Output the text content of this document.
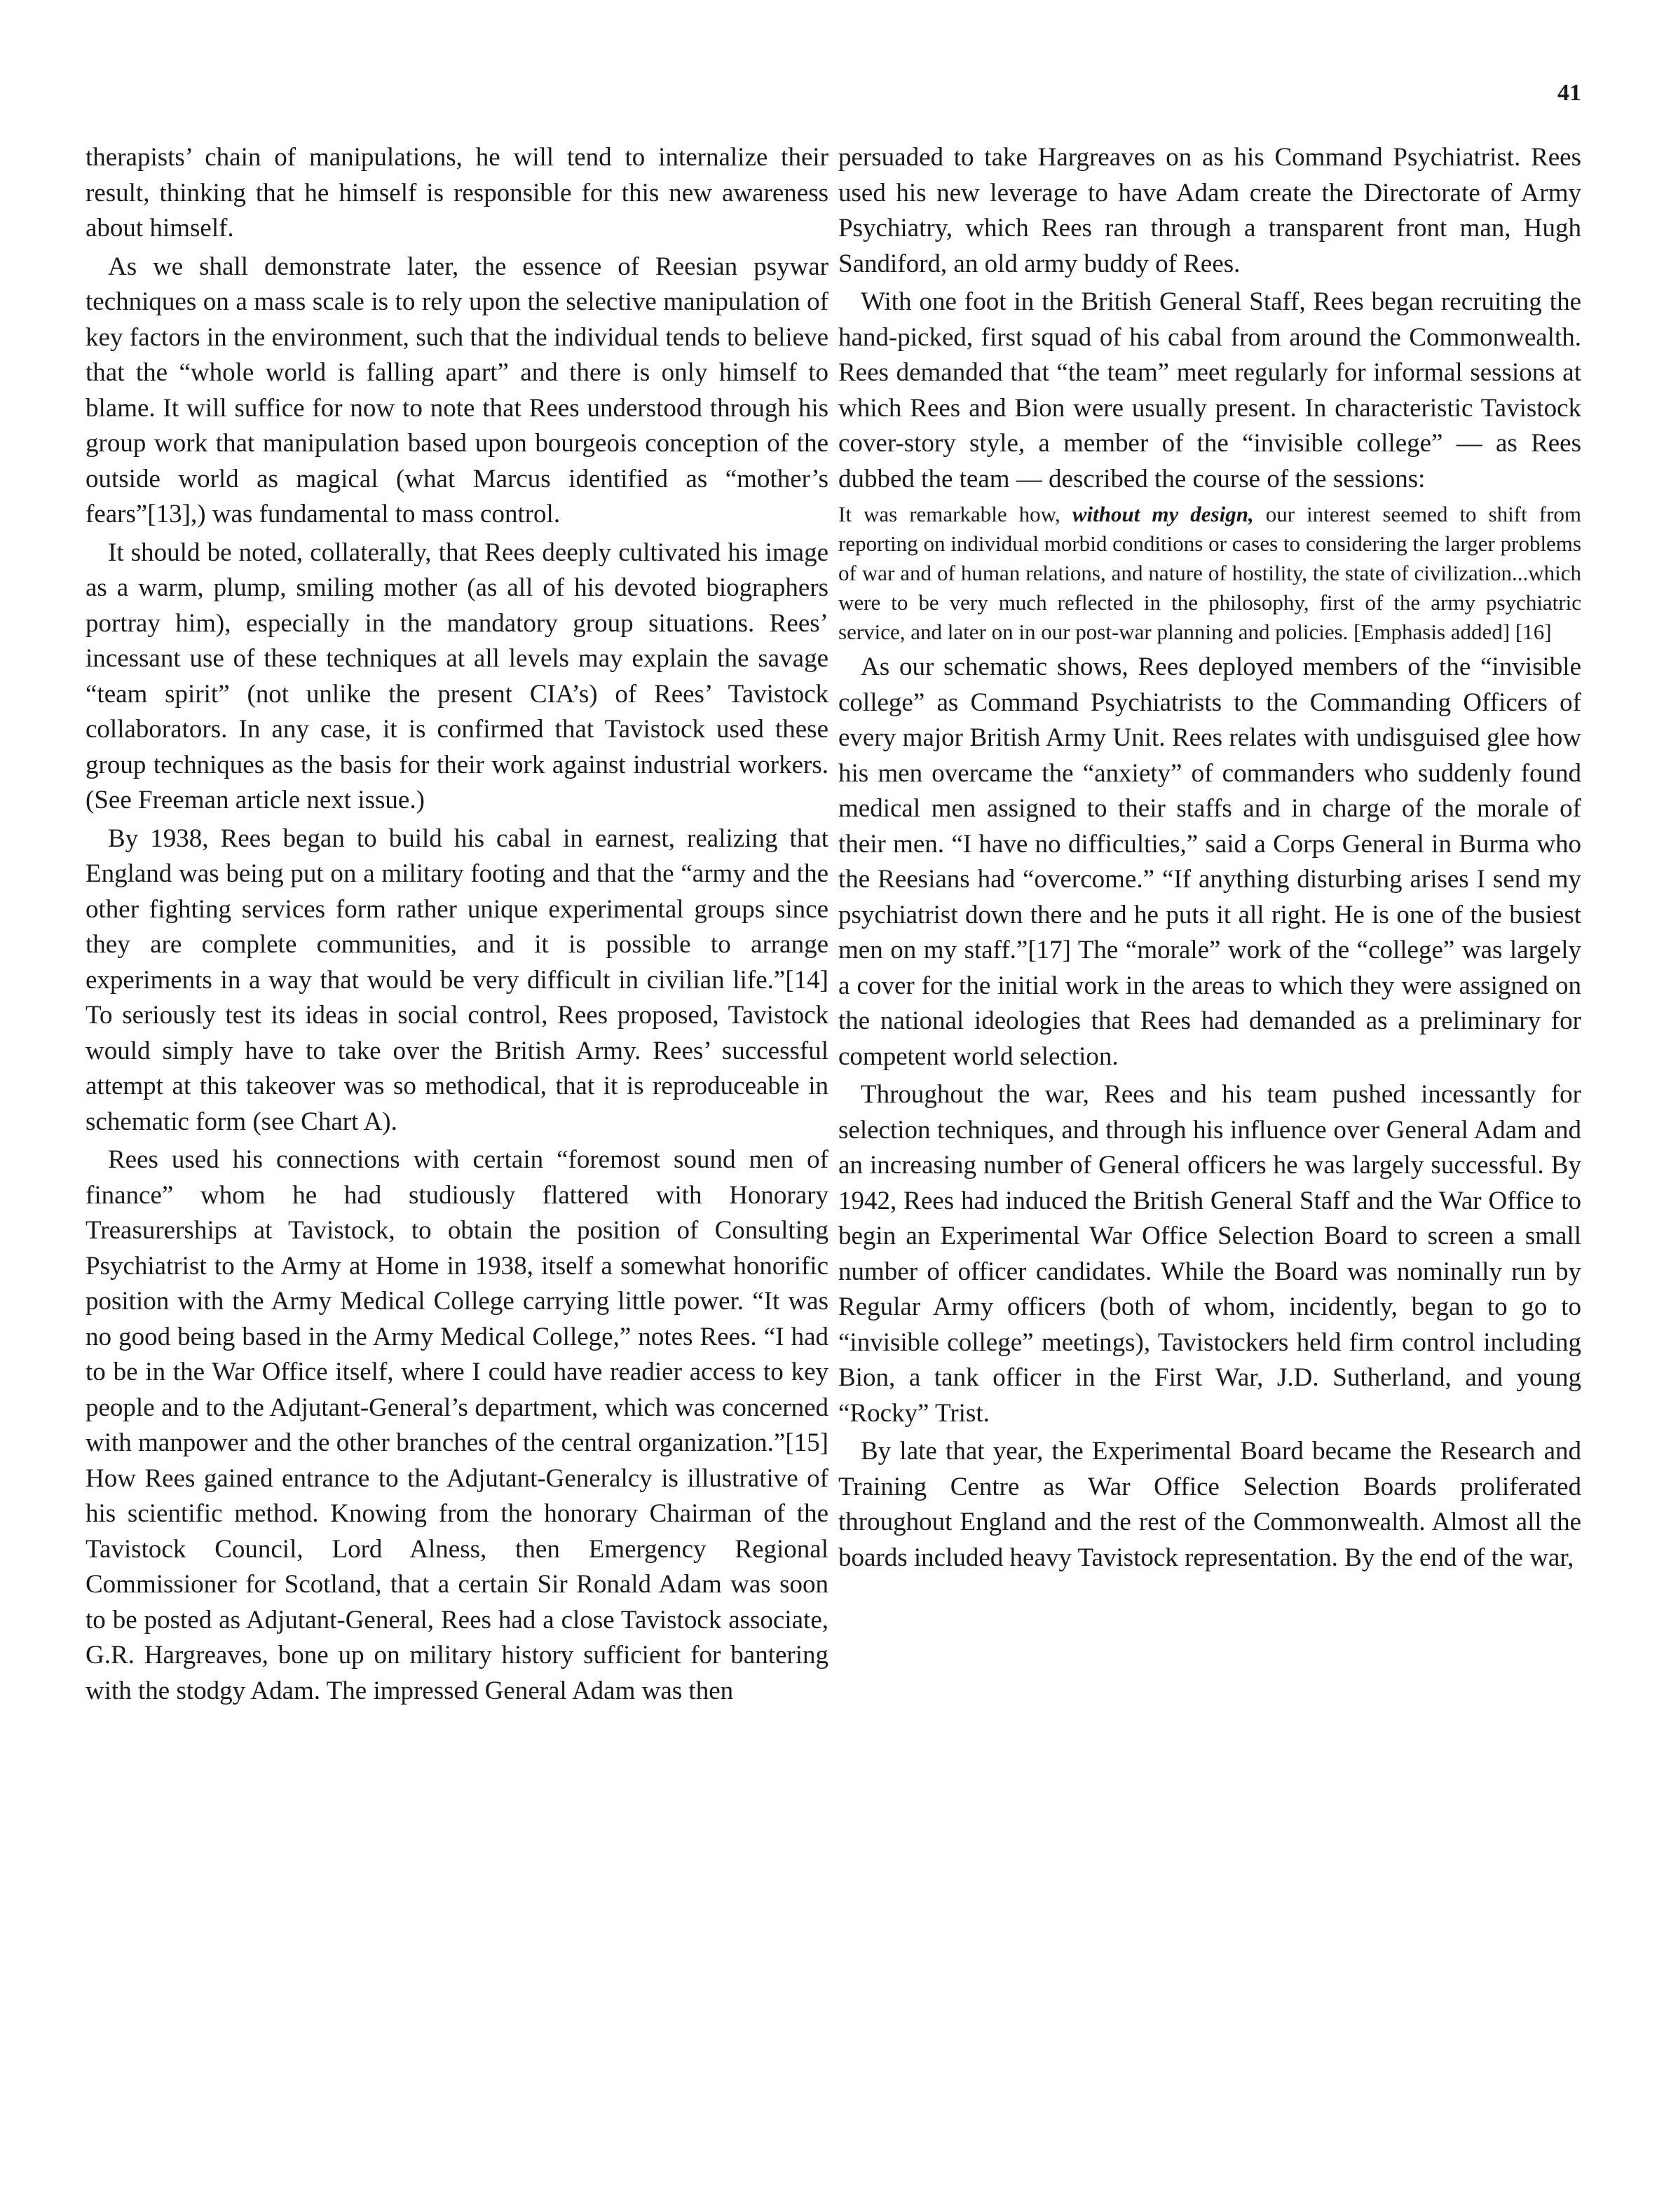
41

therapists’ chain of manipulations, he will tend to internalize their result, thinking that he himself is responsible for this new awareness about himself.

As we shall demonstrate later, the essence of Reesian psywar techniques on a mass scale is to rely upon the selective manipulation of key factors in the environment, such that the individual tends to believe that the “whole world is falling apart” and there is only himself to blame. It will suffice for now to note that Rees understood through his group work that manipulation based upon bourgeois conception of the outside world as magical (what Marcus identified as “mother’s fears”[13],) was fundamental to mass control.

It should be noted, collaterally, that Rees deeply cultivated his image as a warm, plump, smiling mother (as all of his devoted biographers portray him), especially in the mandatory group situations. Rees’ incessant use of these techniques at all levels may explain the savage “team spirit” (not unlike the present CIA’s) of Rees’ Tavistock collaborators. In any case, it is confirmed that Tavistock used these group techniques as the basis for their work against industrial workers. (See Freeman article next issue.)

By 1938, Rees began to build his cabal in earnest, realizing that England was being put on a military footing and that the “army and the other fighting services form rather unique experimental groups since they are complete communities, and it is possible to arrange experiments in a way that would be very difficult in civilian life.”[14] To seriously test its ideas in social control, Rees proposed, Tavistock would simply have to take over the British Army. Rees’ successful attempt at this takeover was so methodical, that it is reproduceable in schematic form (see Chart A).

Rees used his connections with certain “foremost sound men of finance” whom he had studiously flattered with Honorary Treasurerships at Tavistock, to obtain the position of Consulting Psychiatrist to the Army at Home in 1938, itself a somewhat honorific position with the Army Medical College carrying little power. “It was no good being based in the Army Medical College,” notes Rees. “I had to be in the War Office itself, where I could have readier access to key people and to the Adjutant-General’s department, which was concerned with manpower and the other branches of the central organization.”[15] How Rees gained entrance to the Adjutant-Generalcy is illustrative of his scientific method. Knowing from the honorary Chairman of the Tavistock Council, Lord Alness, then Emergency Regional Commissioner for Scotland, that a certain Sir Ronald Adam was soon to be posted as Adjutant-General, Rees had a close Tavistock associate, G.R. Hargreaves, bone up on military history sufficient for bantering with the stodgy Adam. The impressed General Adam was then

persuaded to take Hargreaves on as his Command Psychiatrist. Rees used his new leverage to have Adam create the Directorate of Army Psychiatry, which Rees ran through a transparent front man, Hugh Sandiford, an old army buddy of Rees.

With one foot in the British General Staff, Rees began recruiting the hand-picked, first squad of his cabal from around the Commonwealth. Rees demanded that “the team” meet regularly for informal sessions at which Rees and Bion were usually present. In characteristic Tavistock cover-story style, a member of the “invisible college” — as Rees dubbed the team — described the course of the sessions:

It was remarkable how, without my design, our interest seemed to shift from reporting on individual morbid conditions or cases to considering the larger problems of war and of human relations, and nature of hostility, the state of civilization...which were to be very much reflected in the philosophy, first of the army psychiatric service, and later on in our post-war planning and policies. [Emphasis added] [16]

As our schematic shows, Rees deployed members of the “invisible college” as Command Psychiatrists to the Commanding Officers of every major British Army Unit. Rees relates with undisguised glee how his men overcame the “anxiety” of commanders who suddenly found medical men assigned to their staffs and in charge of the morale of their men. “I have no difficulties,” said a Corps General in Burma who the Reesians had “overcome.” “If anything disturbing arises I send my psychiatrist down there and he puts it all right. He is one of the busiest men on my staff.”[17] The “morale” work of the “college” was largely a cover for the initial work in the areas to which they were assigned on the national ideologies that Rees had demanded as a preliminary for competent world selection.

Throughout the war, Rees and his team pushed incessantly for selection techniques, and through his influence over General Adam and an increasing number of General officers he was largely successful. By 1942, Rees had induced the British General Staff and the War Office to begin an Experimental War Office Selection Board to screen a small number of officer candidates. While the Board was nominally run by Regular Army officers (both of whom, incidently, began to go to “invisible college” meetings), Tavistockers held firm control including Bion, a tank officer in the First War, J.D. Sutherland, and young “Rocky” Trist.

By late that year, the Experimental Board became the Research and Training Centre as War Office Selection Boards proliferated throughout England and the rest of the Commonwealth. Almost all the boards included heavy Tavistock representation. By the end of the war,
